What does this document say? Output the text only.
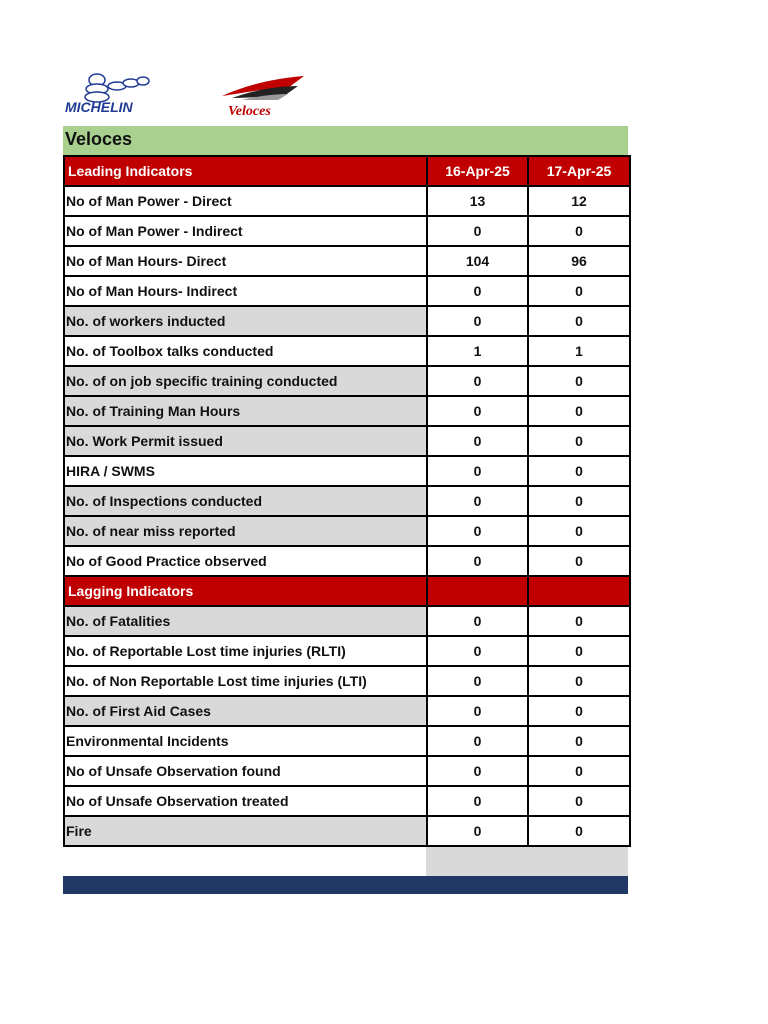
MICHELIN	Veloces
Veloces
Leading Indicators	16-Apr-25	17-Apr-25
No of Man Power - Direct	13	12
No of Man Power - Indirect	0	0
No of Man Hours- Direct	104	96
No of Man Hours- Indirect	0	0
No. of workers inducted	0	0
No. of Toolbox talks conducted	1	1
No. of on job specific training conducted	0	0
No. of Training Man Hours	0	0
No. Work Permit issued	0	0
HIRA / SWMS	0	0
No. of Inspections conducted	0	0
No. of near miss reported	0	0
No of Good Practice observed	0	0
Lagging Indicators		
No. of Fatalities	0	0
No. of Reportable Lost time injuries (RLTI)	0	0
No. of Non Reportable Lost time injuries (LTI)	0	0
No. of First Aid Cases	0	0
Environmental Incidents	0	0
No of Unsafe Observation found	0	0
No of Unsafe Observation treated	0	0
Fire	0	0
